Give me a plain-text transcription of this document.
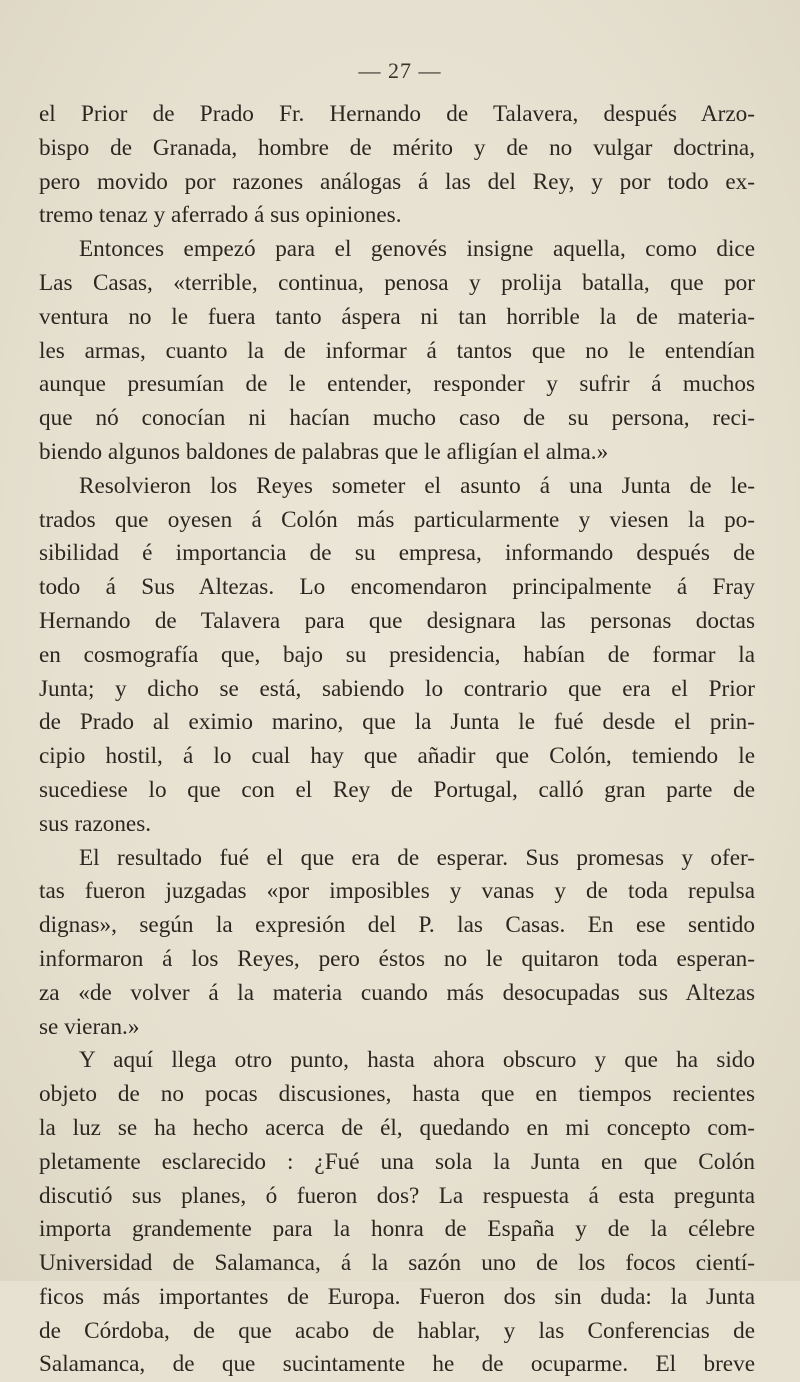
— 27 —
el Prior de Prado Fr. Hernando de Talavera, después Arzo-
bispo de Granada, hombre de mérito y de no vulgar doctrina,
pero movido por razones análogas á las del Rey, y por todo ex-
tremo tenaz y aferrado á sus opiniones.
Entonces empezó para el genovés insigne aquella, como dice
Las Casas, «terrible, continua, penosa y prolija batalla, que por
ventura no le fuera tanto áspera ni tan horrible la de materia-
les armas, cuanto la de informar á tantos que no le entendían
aunque presumían de le entender, responder y sufrir á muchos
que nó conocían ni hacían mucho caso de su persona, reci-
biendo algunos baldones de palabras que le afligían el alma.»
Resolvieron los Reyes someter el asunto á una Junta de le-
trados que oyesen á Colón más particularmente y viesen la po-
sibilidad é importancia de su empresa, informando después de
todo á Sus Altezas. Lo encomendaron principalmente á Fray
Hernando de Talavera para que designara las personas doctas
en cosmografía que, bajo su presidencia, habían de formar la
Junta; y dicho se está, sabiendo lo contrario que era el Prior
de Prado al eximio marino, que la Junta le fué desde el prin-
cipio hostil, á lo cual hay que añadir que Colón, temiendo le
sucediese lo que con el Rey de Portugal, calló gran parte de
sus razones.
El resultado fué el que era de esperar. Sus promesas y ofer-
tas fueron juzgadas «por imposibles y vanas y de toda repulsa
dignas», según la expresión del P. las Casas. En ese sentido
informaron á los Reyes, pero éstos no le quitaron toda esperan-
za «de volver á la materia cuando más desocupadas sus Altezas
se vieran.»
Y aquí llega otro punto, hasta ahora obscuro y que ha sido
objeto de no pocas discusiones, hasta que en tiempos recientes
la luz se ha hecho acerca de él, quedando en mi concepto com-
pletamente esclarecido : ¿Fué una sola la Junta en que Colón
discutió sus planes, ó fueron dos? La respuesta á esta pregunta
importa grandemente para la honra de España y de la célebre
Universidad de Salamanca, á la sazón uno de los focos cientí-
ficos más importantes de Europa. Fueron dos sin duda: la Junta
de Córdoba, de que acabo de hablar, y las Conferencias de
Salamanca, de que sucintamente he de ocuparme. El breve
